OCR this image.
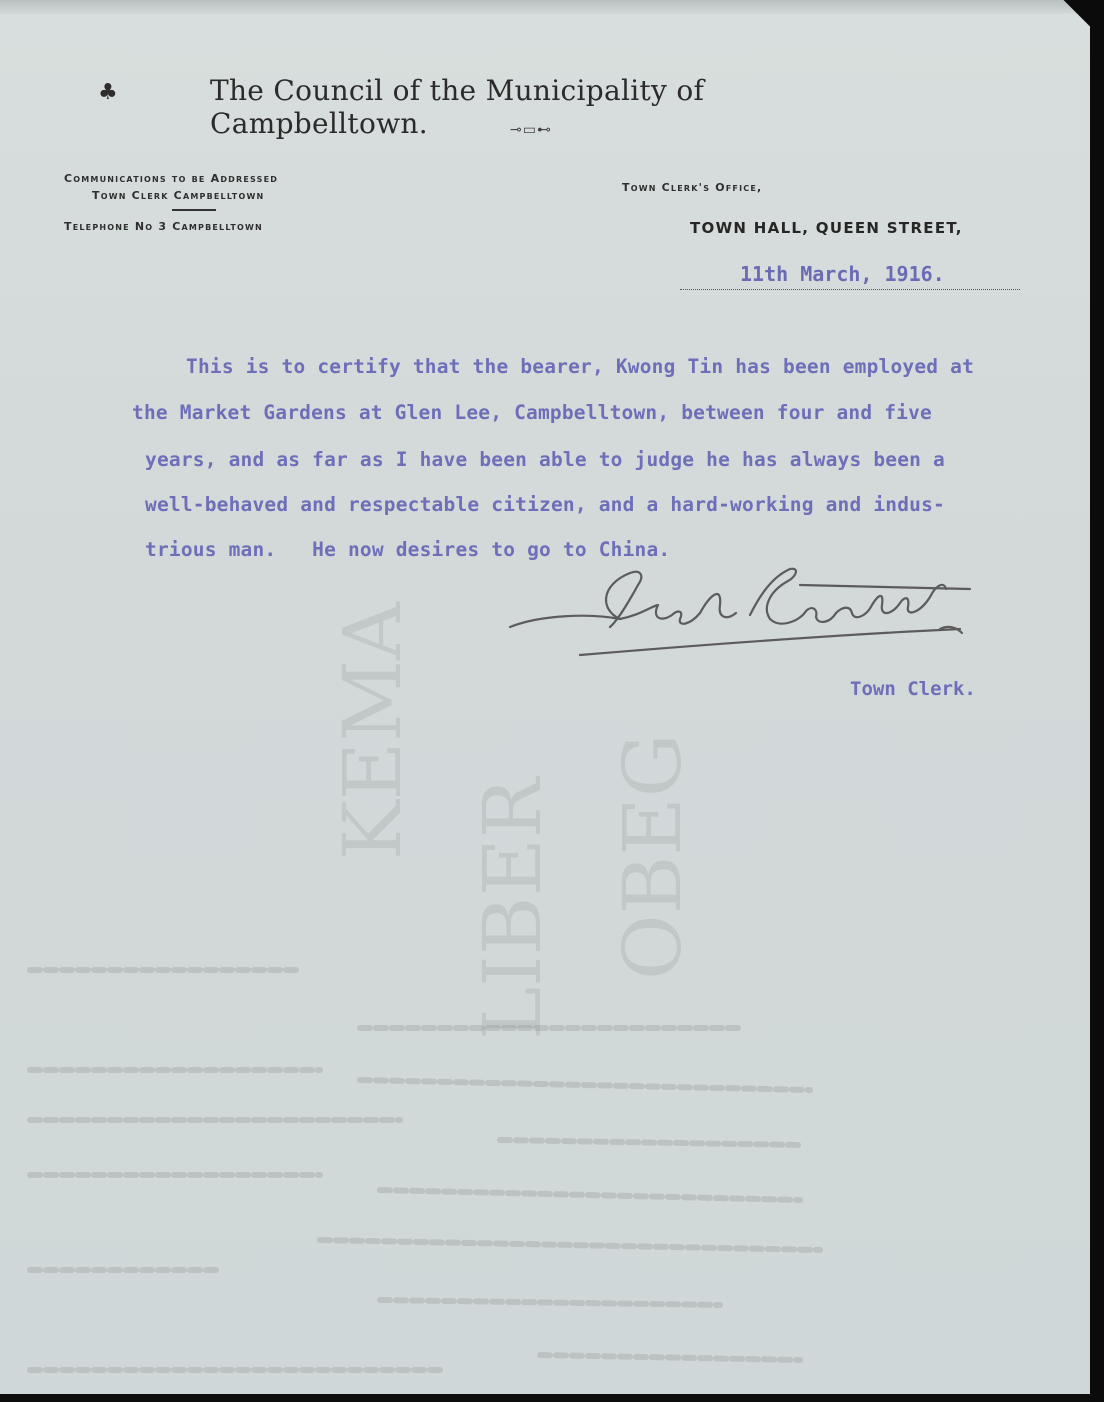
KEMA
LIBER OBEG
♣	The Council of the Municipality of Campbelltown.	⊸▭⊷
Communications to be Addressed
Town Clerk Campbelltown
Telephone No 3 Campbelltown
Town Clerk's Office,
TOWN HALL, QUEEN STREET,
11th March, 1916.
This is to certify that the bearer, Kwong Tin has been employed at
the Market Gardens at Glen Lee, Campbelltown, between four and five
years, and as far as I have been able to judge he has always been a
well-behaved and respectable citizen, and a hard-working and indus-
trious man.   He now desires to go to China.
Town Clerk.
